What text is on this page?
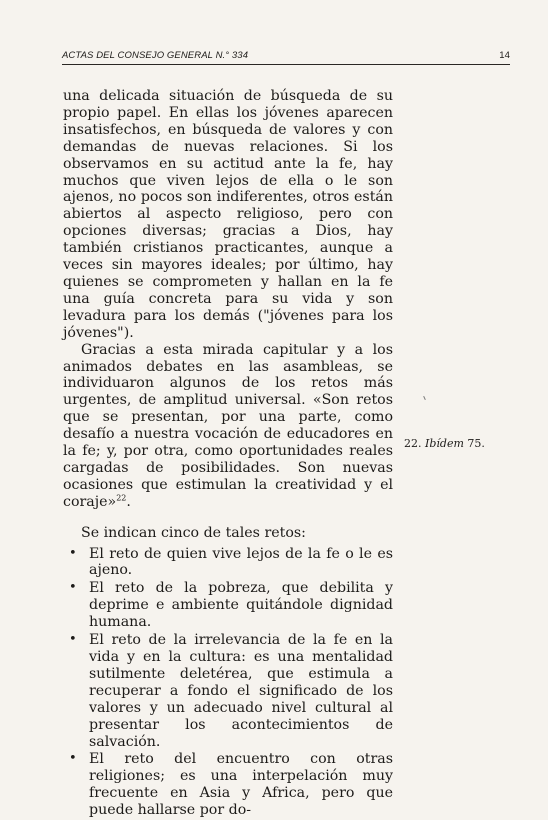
ACTAS DEL CONSEJO GENERAL N.° 334	14

una delicada situación de búsqueda de su propio papel. En ellas los jóvenes aparecen insatisfechos, en búsqueda de valores y con demandas de nuevas relaciones. Si los observamos en su actitud ante la fe, hay muchos que viven lejos de ella o le son ajenos, no pocos son indiferentes, otros están abiertos al aspecto religioso, pero con opciones diversas; gracias a Dios, hay también cristianos practicantes, aunque a veces sin mayores ideales; por último, hay quienes se comprometen y hallan en la fe una guía concreta para su vida y son levadura para los demás ("jóvenes para los jóvenes").

Gracias a esta mirada capitular y a los animados debates en las asambleas, se individuaron algunos de los retos más urgentes, de amplitud universal. «Son retos que se presentan, por una parte, como desafío a nuestra vocación de educadores en la fe; y, por otra, como oportunidades reales cargadas de posibilidades. Son nuevas ocasiones que estimulan la creatividad y el coraje»$^{22}$.

Se indican cinco de tales retos:

• El reto de quien vive lejos de la fe o le es ajeno.
• El reto de la pobreza, que debilita y deprime e ambiente quitándole dignidad humana.
• El reto de la irrelevancia de la fe en la vida y en la cultura: es una mentalidad sutilmente deletérea, que estimula a recuperar a fondo el significado de los valores y un adecuado nivel cultural al presentar los acontecimientos de salvación.
• El reto del encuentro con otras religiones; es una interpelación muy frecuente en Asia y Africa, pero que puede hallarse por do-
22. Ibídem 75.
